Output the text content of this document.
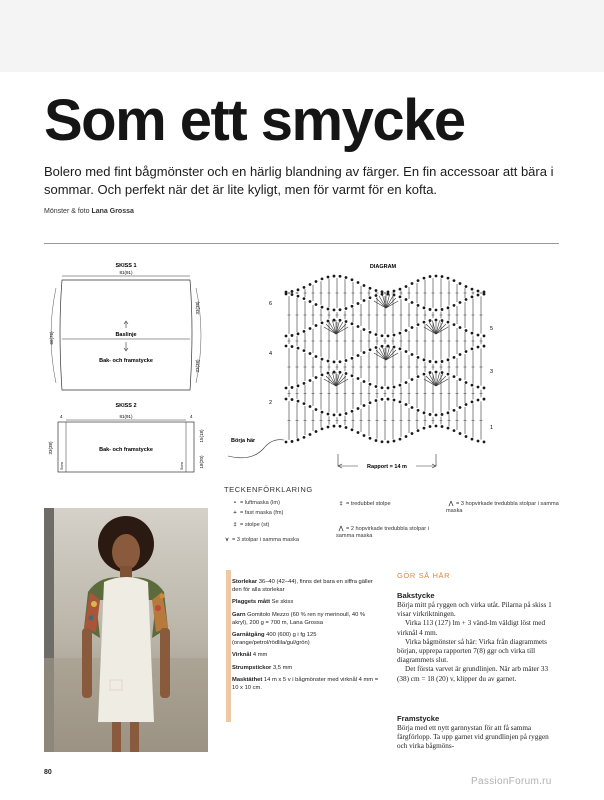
Som ett smycke
Bolero med fint bågmönster och en härlig blandning av färger. En fin accessoar att bära i sommar. Och perfekt när det är lite kyligt, men för varmt för en kofta.
Mönster & foto Lana Grossa
SKISS 1
81(91)
66(76)
33(38)
33(38)
Baslinje
Bak- och framstycke
SKISS 2
4	4
81(91)
33(38)
15(18)
18(20)
5cm	5cm
Bak- och framstycke
DIAGRAM
6
4
2
5
3
1
Börja här
Rapport = 14 m
TECKENFÖRKLARING
• = luftmaska (lm)
+ = fast maska (fm)
‡ = stolpe (st)
⋎ = 3 stolpar i samma maska
‡ = tredubbel stolpe
⋀ = 2 hopvirkade tredubbla stolpar i samma maska
⋀ = 3 hopvirkade tredubbla stolpar i samma maska

Storlekar 36–40 (42–44), finns det bara en siffra gäller den för alla storlekar

Plaggets mått Se skiss

Garn Gomitolo Mezzo (60 % ren ny merinoull, 40 % akryl), 200 g = 700 m, Lana Grossa

Garnåtgång 400 (600) g i fg 125 (orange/petrol/rödlila/gul/grön)

Virknål 4 mm

Strumpstickor 3,5 mm

Masktäthet 14 m x 5 v i bågmönster med virknål 4 mm = 10 x 10 cm.

GÖR SÅ HÄR
Bakstycke

Börja mitt på ryggen och virka utåt. Pilarna på skiss 1 visar virkriktningen.

Virka 113 (127) lm + 3 vänd-lm väldigt löst med virknål 4 mm.

Virka bågmönster så här: Virka från diagrammets början, upprepa rapporten 7(8) ggr och virka till diagrammets slut.

Det första varvet är grundlinjen. När arb mäter 33 (38) cm = 18 (20) v, klipper du av garnet.

Framstycke

Börja med ett nytt garnnystan för att få samma färgförlopp. Ta upp garnet vid grundlinjen på ryggen och virka bågmöns-

80
PassionForum.ru
